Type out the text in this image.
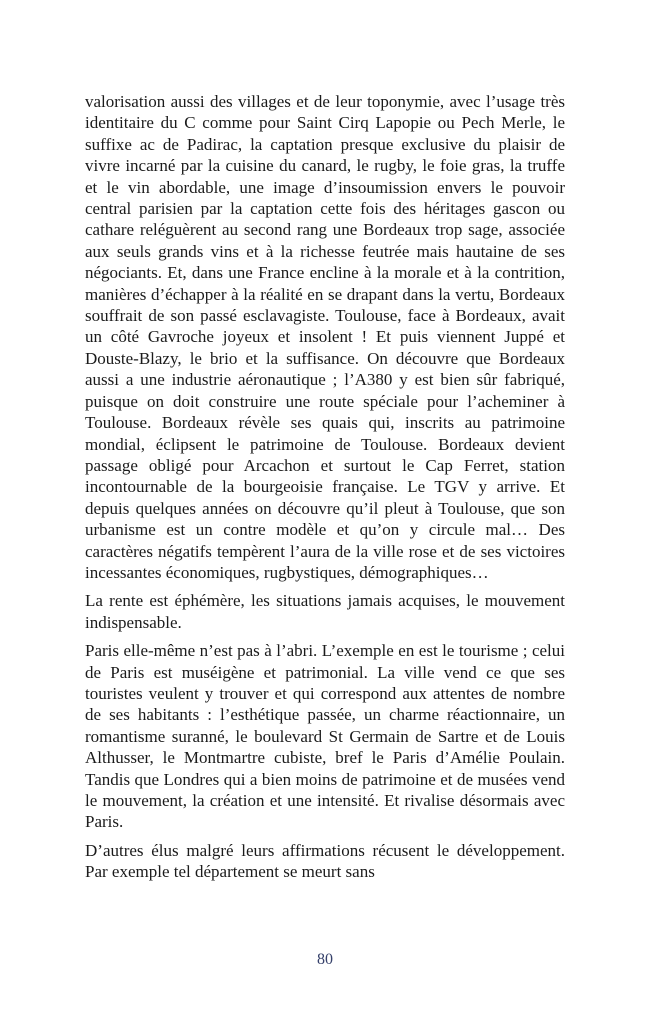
valorisation aussi des villages et de leur toponymie, avec l’usage très identitaire du C comme pour Saint Cirq Lapopie ou Pech Merle, le suffixe ac de Padirac, la captation presque exclusive du plaisir de vivre incarné par la cuisine du canard, le rugby, le foie gras, la truffe et le vin abordable, une image d’insoumission envers le pouvoir central parisien par la captation cette fois des héritages gascon ou cathare reléguèrent au second rang une Bordeaux trop sage, associée aux seuls grands vins et à la richesse feutrée mais hautaine de ses négociants. Et, dans une France encline à la morale et à la contrition, manières d’échapper à la réalité en se drapant dans la vertu, Bordeaux souffrait de son passé esclavagiste. Toulouse, face à Bordeaux, avait un côté Gavroche joyeux et insolent ! Et puis viennent Juppé et Douste-Blazy, le brio et la suffisance. On découvre que Bordeaux aussi a une industrie aéronautique ; l’A380 y est bien sûr fabriqué, puisque on doit construire une route spéciale pour l’acheminer à Toulouse. Bordeaux révèle ses quais qui, inscrits au patrimoine mondial, éclipsent le patrimoine de Toulouse. Bordeaux devient passage obligé pour Arcachon et surtout le Cap Ferret, station incontournable de la bourgeoisie française. Le TGV y arrive. Et depuis quelques années on découvre qu’il pleut à Toulouse, que son urbanisme est un contre modèle et qu’on y circule mal… Des caractères négatifs tempèrent l’aura de la ville rose et de ses victoires incessantes économiques, rugbystiques, démographiques…

La rente est éphémère, les situations jamais acquises, le mouvement indispensable.

Paris elle-même n’est pas à l’abri. L’exemple en est le tourisme ; celui de Paris est muséigène et patrimonial. La ville vend ce que ses touristes veulent y trouver et qui correspond aux attentes de nombre de ses habitants : l’esthétique passée, un charme réactionnaire, un romantisme suranné, le boulevard St Germain de Sartre et de Louis Althusser, le Montmartre cubiste, bref le Paris d’Amélie Poulain. Tandis que Londres qui a bien moins de patrimoine et de musées vend le mouvement, la création et une intensité. Et rivalise désormais avec Paris.

D’autres élus malgré leurs affirmations récusent le développement. Par exemple tel département se meurt sans

80
